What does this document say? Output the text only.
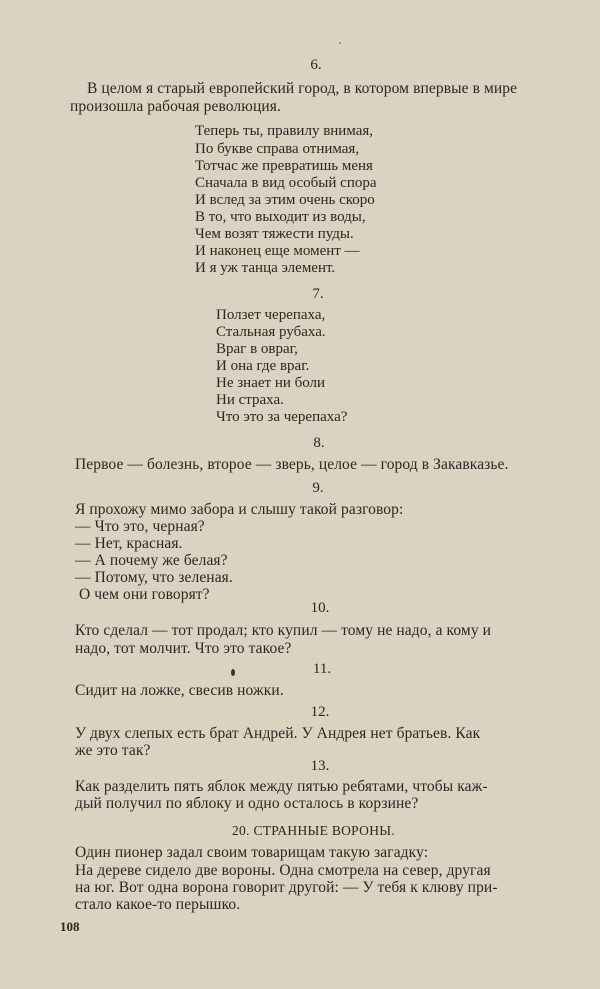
6.
В целом я старый европейский город, в котором впервые в мире
произошла рабочая революция.
Теперь ты, правилу внимая,
По букве справа отнимая,
Тотчас же превратишь меня
Сначала в вид особый спора
И вслед за этим очень скоро
В то, что выходит из воды,
Чем возят тяжести пуды.
И наконец еще момент —
И я уж танца элемент.
7.
Ползет черепаха,
Стальная рубаха.
Враг в овраг,
И она где враг.
Не знает ни боли
Ни страха.
Что это за черепаха?
8.
Первое — болезнь, второе — зверь, целое — город в Закавказье.
9.
Я прохожу мимо забора и слышу такой разговор:
— Что это, черная?
— Нет, красная.
— А почему же белая?
— Потому, что зеленая.
О чем они говорят?
10.
Кто сделал — тот продал; кто купил — тому не надо, а кому и
надо, тот молчит. Что это такое?
11.
Сидит на ложке, свесив ножки.
12.
У двух слепых есть брат Андрей. У Андрея нет братьев. Как
же это так?
13.
Как разделить пять яблок между пятью ребятами, чтобы каж-
дый получил по яблоку и одно осталось в корзине?
20. СТРАННЫЕ ВОРОНЫ.
Один пионер задал своим товарищам такую загадку:
На дереве сидело две вороны. Одна смотрела на север, другая
на юг. Вот одна ворона говорит другой: — У тебя к клюву при-
стало какое-то перышко.
108
